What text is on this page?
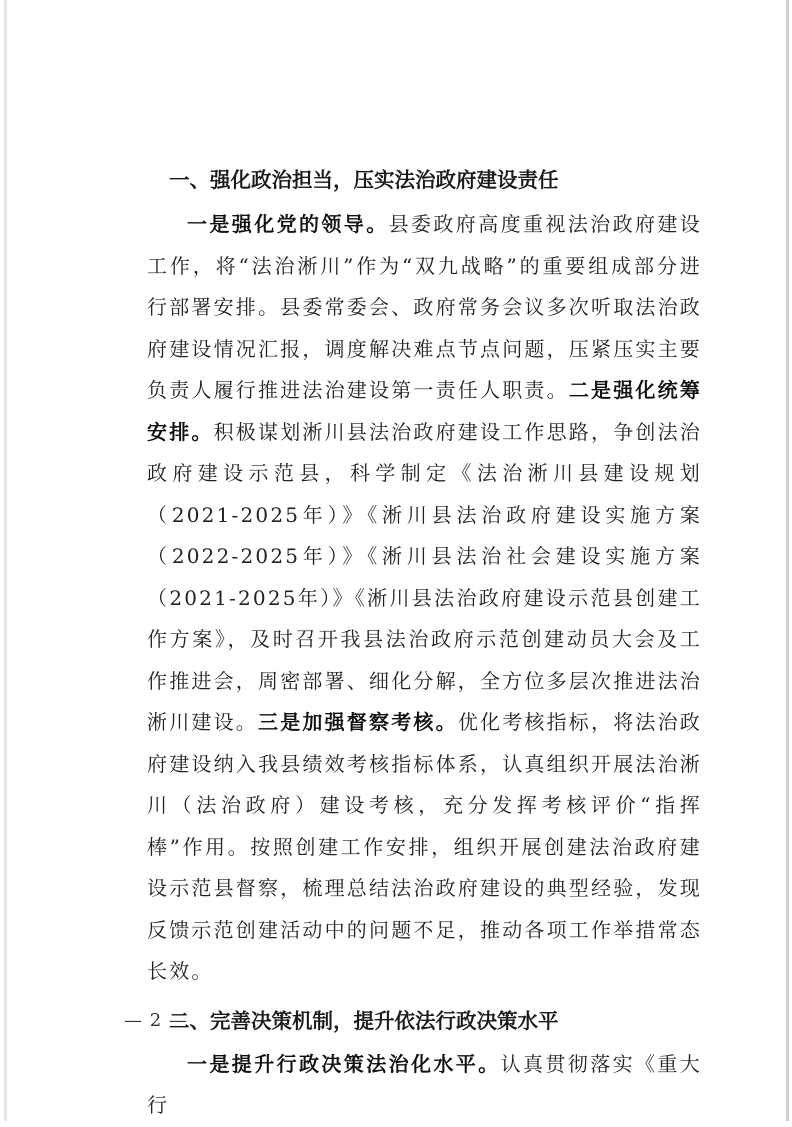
一、强化政治担当，压实法治政府建设责任

一是强化党的领导。县委政府高度重视法治政府建设工作，将“法治淅川”作为“双九战略”的重要组成部分进行部署安排。县委常委会、政府常务会议多次听取法治政府建设情况汇报，调度解决难点节点问题，压紧压实主要负责人履行推进法治建设第一责任人职责。二是强化统筹安排。积极谋划淅川县法治政府建设工作思路，争创法治政府建设示范县，科学制定《法治淅川县建设规划（2021-2025年）》《淅川县法治政府建设实施方案（2022-2025年）》《淅川县法治社会建设实施方案（2021-2025年）》《淅川县法治政府建设示范县创建工作方案》，及时召开我县法治政府示范创建动员大会及工作推进会，周密部署、细化分解，全方位多层次推进法治淅川建设。三是加强督察考核。优化考核指标，将法治政府建设纳入我县绩效考核指标体系，认真组织开展法治淅川（法治政府）建设考核，充分发挥考核评价“指挥棒”作用。按照创建工作安排，组织开展创建法治政府建设示范县督察，梳理总结法治政府建设的典型经验，发现反馈示范创建活动中的问题不足，推动各项工作举措常态长效。

二、完善决策机制，提升依法行政决策水平

一是提升行政决策法治化水平。认真贯彻落实《重大行

— 2 —
